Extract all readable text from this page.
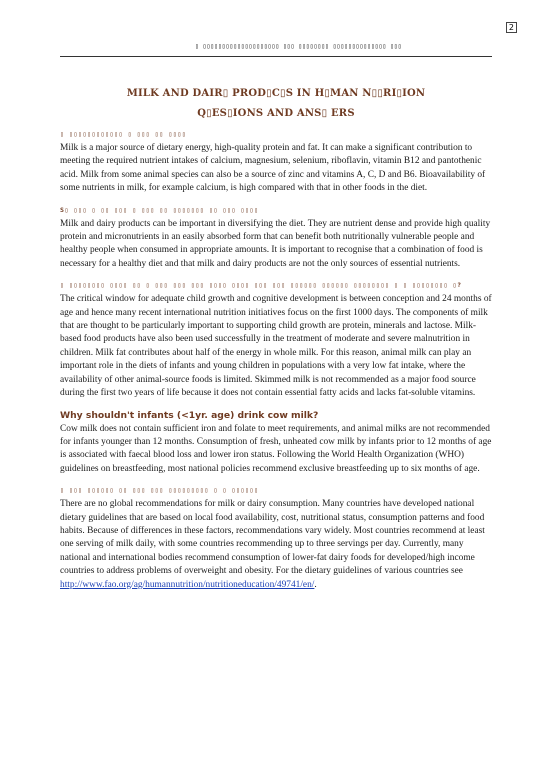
2
▯ ▯▯▯▯▯▯▯▯▯▯▯▯▯▯▯▯▯▯▯▯ ▯▯▯ ▯▯▯▯▯▯▯▯ ▯▯▯▯▯▯▯▯▯▯▯▯▯▯ ▯▯▯
MILK AND DAIR▯ PROD▯C▯S IN H▯MAN N▯▯RI▯ION
Q▯ES▯IONS AND ANS▯ ERS

▯ ▯▯▯▯▯▯▯▯▯▯▯▯ ▯ ▯▯▯ ▯▯ ▯▯▯▯

Milk is a major source of dietary energy, high-quality protein and fat. It can make a significant contribution to meeting the required nutrient intakes of calcium, magnesium, selenium, riboflavin, vitamin B12 and pantothenic acid. Milk from some animal species can also be a source of zinc and vitamins A, C, D and B6. Bioavailability of some nutrients in milk, for example calcium, is high compared with that in other foods in the diet.

S▯ ▯▯▯ ▯ ▯▯ ▯▯▯ ▯ ▯▯▯ ▯▯ ▯▯▯▯▯▯▯ ▯▯ ▯▯▯ ▯▯▯▯

Milk and dairy products can be important in diversifying the diet. They are nutrient dense and provide high quality protein and micronutrients in an easily absorbed form that can benefit both nutritionally vulnerable people and healthy people when consumed in appropriate amounts. It is important to recognise that a combination of food is necessary for a healthy diet and that milk and dairy products are not the only sources of essential nutrients.

▯ ▯▯▯▯▯▯▯▯ ▯▯▯▯ ▯▯ ▯ ▯▯▯ ▯▯▯ ▯▯▯ ▯▯▯▯ ▯▯▯▯ ▯▯▯ ▯▯▯ ▯▯▯▯▯▯ ▯▯▯▯▯▯ ▯▯▯▯▯▯▯▯ ▯ ▯ ▯▯▯▯▯▯▯▯ ▯?

The critical window for adequate child growth and cognitive development is between conception and 24 months of age and hence many recent international nutrition initiatives focus on the first 1000 days. The components of milk that are thought to be particularly important to supporting child growth are protein, minerals and lactose. Milk-based food products have also been used successfully in the treatment of moderate and severe malnutrition in children. Milk fat contributes about half of the energy in whole milk. For this reason, animal milk can play an important role in the diets of infants and young children in populations with a very low fat intake, where the availability of other animal-source foods is limited. Skimmed milk is not recommended as a major food source during the first two years of life because it does not contain essential fatty acids and lacks fat-soluble vitamins.

Why shouldn't infants (<1yr. age) drink cow milk?

Cow milk does not contain sufficient iron and folate to meet requirements, and animal milks are not recommended for infants younger than 12 months. Consumption of fresh, unheated cow milk by infants prior to 12 months of age is associated with faecal blood loss and lower iron status. Following the World Health Organization (WHO) guidelines on breastfeeding, most national policies recommend exclusive breastfeeding up to six months of age.

▯ ▯▯▯ ▯▯▯▯▯▯ ▯▯ ▯▯▯ ▯▯▯ ▯▯▯▯▯▯▯▯▯ ▯ ▯ ▯▯▯▯▯▯

There are no global recommendations for milk or dairy consumption. Many countries have developed national dietary guidelines that are based on local food availability, cost, nutritional status, consumption patterns and food habits. Because of differences in these factors, recommendations vary widely. Most countries recommend at least one serving of milk daily, with some countries recommending up to three servings per day. Currently, many national and international bodies recommend consumption of lower-fat dairy foods for developed/high income countries to address problems of overweight and obesity. For the dietary guidelines of various countries see http://www.fao.org/ag/humannutrition/nutritioneducation/49741/en/.
